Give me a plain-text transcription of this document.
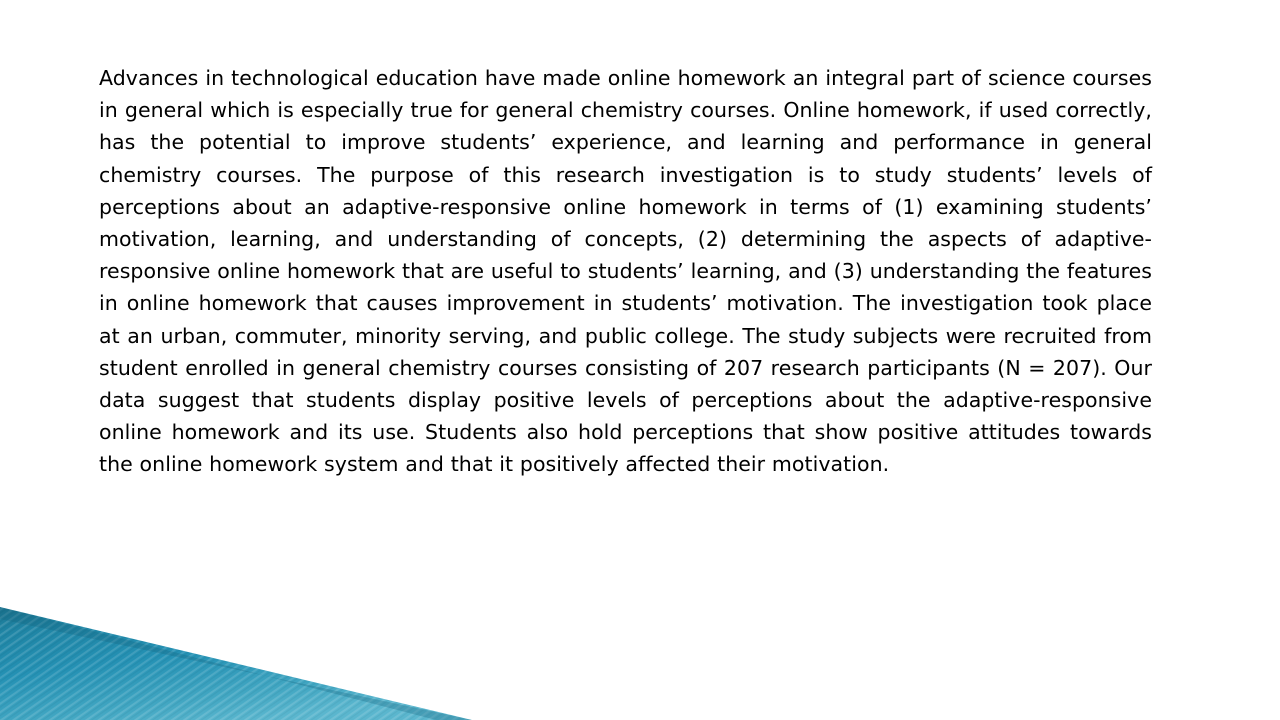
Advances in technological education have made online homework an integral part of science courses in general which is especially true for general chemistry courses. Online homework, if used correctly, has the potential to improve students’ experience, and learning and performance in general chemistry courses. The purpose of this research investigation is to study students’ levels of perceptions about an adaptive-responsive online homework in terms of (1) examining students’ motivation, learning, and understanding of concepts, (2) determining the aspects of adaptive-responsive online homework that are useful to students’ learning, and (3) understanding the features in online homework that causes improvement in students’ motivation. The investigation took place at an urban, commuter, minority serving, and public college. The study subjects were recruited from student enrolled in general chemistry courses consisting of 207 research participants (N = 207). Our data suggest that students display positive levels of perceptions about the adaptive-responsive online homework and its use. Students also hold perceptions that show positive attitudes towards the online homework system and that it positively affected their motivation.
